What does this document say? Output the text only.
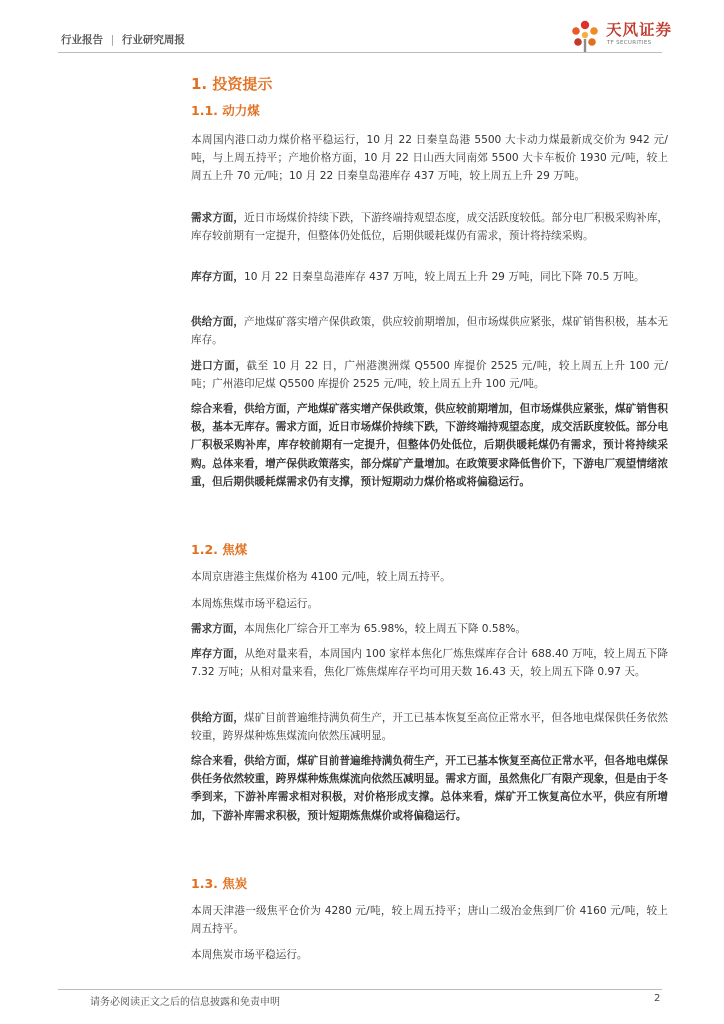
行业报告 | 行业研究周报
天风证券
TF SECURITIES
1. 投资提示
1.1. 动力煤

本周国内港口动力煤价格平稳运行，10 月 22 日秦皇岛港 5500 大卡动力煤最新成交价为 942 元/吨，与上周五持平；产地价格方面，10 月 22 日山西大同南郊 5500 大卡车板价 1930 元/吨，较上周五上升 70 元/吨；10 月 22 日秦皇岛港库存 437 万吨，较上周五上升 29 万吨。

需求方面，近日市场煤价持续下跌，下游终端持观望态度，成交活跃度较低。部分电厂积极采购补库，库存较前期有一定提升，但整体仍处低位，后期供暖耗煤仍有需求，预计将持续采购。

库存方面，10 月 22 日秦皇岛港库存 437 万吨，较上周五上升 29 万吨，同比下降 70.5 万吨。

供给方面，产地煤矿落实增产保供政策，供应较前期增加，但市场煤供应紧张，煤矿销售积极，基本无库存。

进口方面，截至 10 月 22 日，广州港澳洲煤 Q5500 库提价 2525 元/吨，较上周五上升 100 元/吨；广州港印尼煤 Q5500 库提价 2525 元/吨，较上周五上升 100 元/吨。

综合来看，供给方面，产地煤矿落实增产保供政策，供应较前期增加，但市场煤供应紧张，煤矿销售积极，基本无库存。需求方面，近日市场煤价持续下跌，下游终端持观望态度，成交活跃度较低。部分电厂积极采购补库，库存较前期有一定提升，但整体仍处低位，后期供暖耗煤仍有需求，预计将持续采购。总体来看，增产保供政策落实，部分煤矿产量增加。在政策要求降低售价下，下游电厂观望情绪浓重，但后期供暖耗煤需求仍有支撑，预计短期动力煤价格或将偏稳运行。

1.2. 焦煤

本周京唐港主焦煤价格为 4100 元/吨，较上周五持平。

本周炼焦煤市场平稳运行。

需求方面，本周焦化厂综合开工率为 65.98%，较上周五下降 0.58%。

库存方面，从绝对量来看，本周国内 100 家样本焦化厂炼焦煤库存合计 688.40 万吨，较上周五下降 7.32 万吨；从相对量来看，焦化厂炼焦煤库存平均可用天数 16.43 天，较上周五下降 0.97 天。

供给方面，煤矿目前普遍维持满负荷生产，开工已基本恢复至高位正常水平，但各地电煤保供任务依然较重，跨界煤种炼焦煤流向依然压减明显。

综合来看，供给方面，煤矿目前普遍维持满负荷生产，开工已基本恢复至高位正常水平，但各地电煤保供任务依然较重，跨界煤种炼焦煤流向依然压减明显。需求方面，虽然焦化厂有限产现象，但是由于冬季到来，下游补库需求相对积极，对价格形成支撑。总体来看，煤矿开工恢复高位水平，供应有所增加，下游补库需求积极，预计短期炼焦煤价或将偏稳运行。

1.3. 焦炭

本周天津港一级焦平仓价为 4280 元/吨，较上周五持平；唐山二级冶金焦到厂价 4160 元/吨，较上周五持平。

本周焦炭市场平稳运行。

请务必阅读正文之后的信息披露和免责申明	2
